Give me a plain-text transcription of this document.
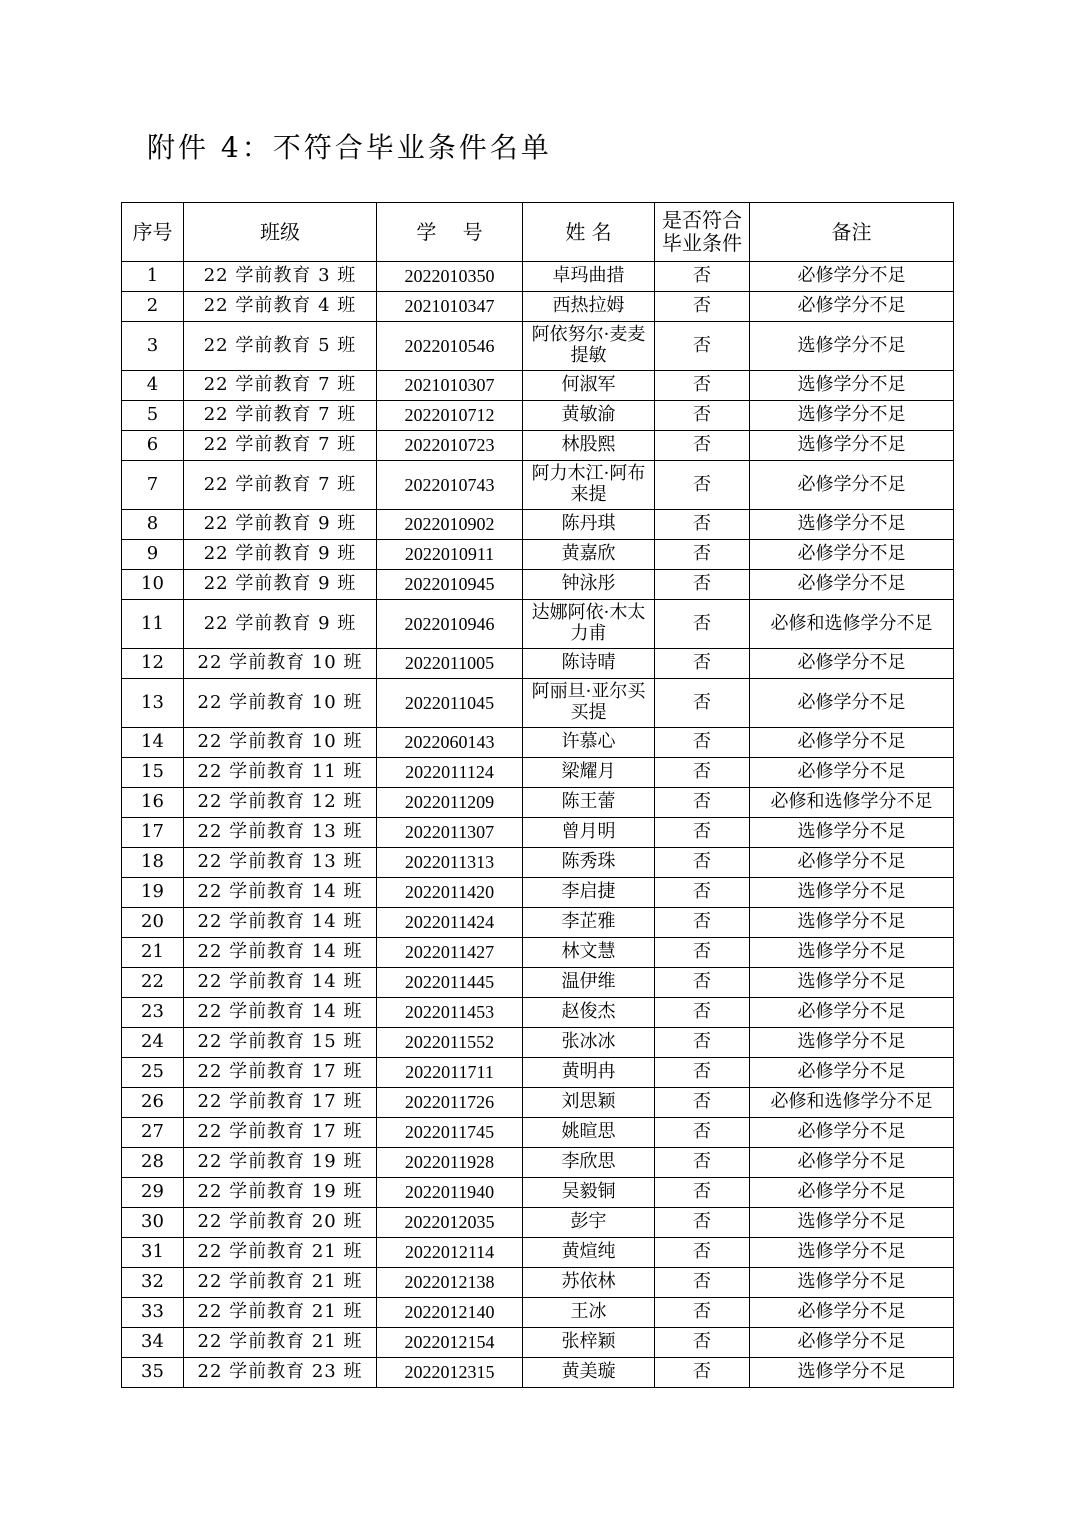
附件 4：不符合毕业条件名单
序号	班级	学　 号	姓 名	是否符合毕业条件	备注
1	22 学前教育 3 班	2022010350	卓玛曲措	否	必修学分不足
2	22 学前教育 4 班	2021010347	西热拉姆	否	必修学分不足
3	22 学前教育 5 班	2022010546	阿依努尔·麦麦提敏	否	选修学分不足
4	22 学前教育 7 班	2021010307	何淑军	否	选修学分不足
5	22 学前教育 7 班	2022010712	黄敏渝	否	选修学分不足
6	22 学前教育 7 班	2022010723	林股熙	否	选修学分不足
7	22 学前教育 7 班	2022010743	阿力木江·阿布来提	否	必修学分不足
8	22 学前教育 9 班	2022010902	陈丹琪	否	选修学分不足
9	22 学前教育 9 班	2022010911	黄嘉欣	否	必修学分不足
10	22 学前教育 9 班	2022010945	钟泳彤	否	必修学分不足
11	22 学前教育 9 班	2022010946	达娜阿依·木太力甫	否	必修和选修学分不足
12	22 学前教育 10 班	2022011005	陈诗晴	否	必修学分不足
13	22 学前教育 10 班	2022011045	阿丽旦·亚尔买买提	否	必修学分不足
14	22 学前教育 10 班	2022060143	许慕心	否	必修学分不足
15	22 学前教育 11 班	2022011124	梁耀月	否	必修学分不足
16	22 学前教育 12 班	2022011209	陈王蕾	否	必修和选修学分不足
17	22 学前教育 13 班	2022011307	曾月明	否	选修学分不足
18	22 学前教育 13 班	2022011313	陈秀珠	否	必修学分不足
19	22 学前教育 14 班	2022011420	李启捷	否	选修学分不足
20	22 学前教育 14 班	2022011424	李芷雅	否	选修学分不足
21	22 学前教育 14 班	2022011427	林文慧	否	选修学分不足
22	22 学前教育 14 班	2022011445	温伊维	否	选修学分不足
23	22 学前教育 14 班	2022011453	赵俊杰	否	必修学分不足
24	22 学前教育 15 班	2022011552	张冰冰	否	选修学分不足
25	22 学前教育 17 班	2022011711	黄明冉	否	必修学分不足
26	22 学前教育 17 班	2022011726	刘思颖	否	必修和选修学分不足
27	22 学前教育 17 班	2022011745	姚暄思	否	必修学分不足
28	22 学前教育 19 班	2022011928	李欣思	否	必修学分不足
29	22 学前教育 19 班	2022011940	吴毅铜	否	必修学分不足
30	22 学前教育 20 班	2022012035	彭宇	否	选修学分不足
31	22 学前教育 21 班	2022012114	黄煊纯	否	选修学分不足
32	22 学前教育 21 班	2022012138	苏依林	否	选修学分不足
33	22 学前教育 21 班	2022012140	王冰	否	必修学分不足
34	22 学前教育 21 班	2022012154	张梓颖	否	必修学分不足
35	22 学前教育 23 班	2022012315	黄美璇	否	选修学分不足
